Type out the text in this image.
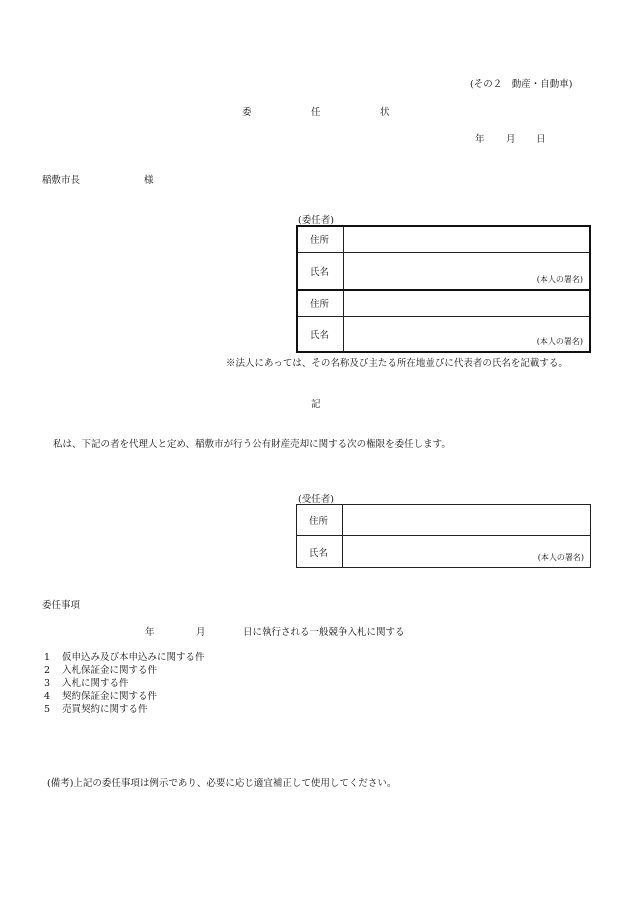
(その２　動産・自動車)
委	任	状
年 月 日
稲敷市長	様
(委任者)
住所	
氏名	(本人の署名)

住所	
氏名	(本人の署名)
※法人にあっては、その名称及び主たる所在地並びに代表者の氏名を記載する。
記
私は、下記の者を代理人と定め、稲敷市が行う公有財産売却に関する次の権限を委任します。
(受任者)
住所	
氏名	(本人の署名)
委任事項
年	月	日に執行される一般競争入札に関する
1 仮申込み及び本申込みに関する件
2 入札保証金に関する件
3 入札に関する件
4 契約保証金に関する件
5 売買契約に関する件
(備考)上記の委任事項は例示であり、必要に応じ適宜補正して使用してください。
